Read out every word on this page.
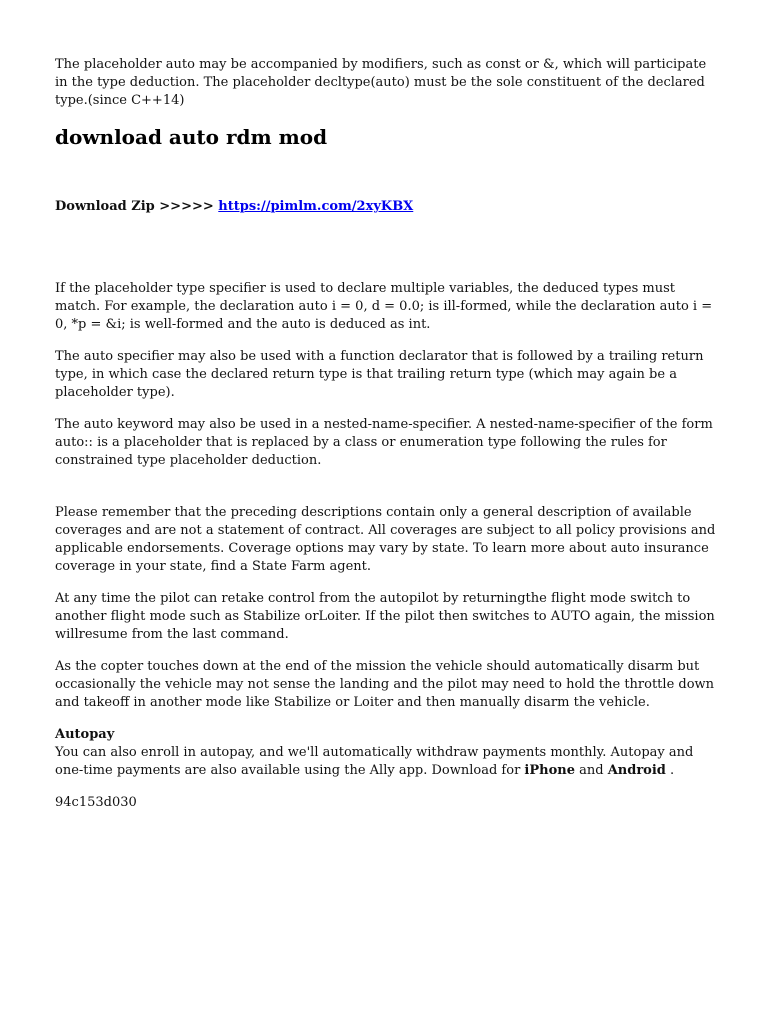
The placeholder auto may be accompanied by modifiers, such as const or &, which will participate in the type deduction. The placeholder decltype(auto) must be the sole constituent of the declared type.(since C++14)

download auto rdm mod

Download Zip >>>>> https://pimlm.com/2xyKBX

If the placeholder type specifier is used to declare multiple variables, the deduced types must match. For example, the declaration auto i = 0, d = 0.0; is ill-formed, while the declaration auto i = 0, *p = &i; is well-formed and the auto is deduced as int.

The auto specifier may also be used with a function declarator that is followed by a trailing return type, in which case the declared return type is that trailing return type (which may again be a placeholder type).

The auto keyword may also be used in a nested-name-specifier. A nested-name-specifier of the form auto:: is a placeholder that is replaced by a class or enumeration type following the rules for constrained type placeholder deduction.

Please remember that the preceding descriptions contain only a general description of available coverages and are not a statement of contract. All coverages are subject to all policy provisions and applicable endorsements. Coverage options may vary by state. To learn more about auto insurance coverage in your state, find a State Farm agent.

At any time the pilot can retake control from the autopilot by returningthe flight mode switch to another flight mode such as Stabilize orLoiter. If the pilot then switches to AUTO again, the mission willresume from the last command.

As the copter touches down at the end of the mission the vehicle should automatically disarm but occasionally the vehicle may not sense the landing and the pilot may need to hold the throttle down and takeoff in another mode like Stabilize or Loiter and then manually disarm the vehicle.

Autopay

You can also enroll in autopay, and we'll automatically withdraw payments monthly. Autopay and one-time payments are also available using the Ally app. Download for iPhone and Android .

94c153d030
